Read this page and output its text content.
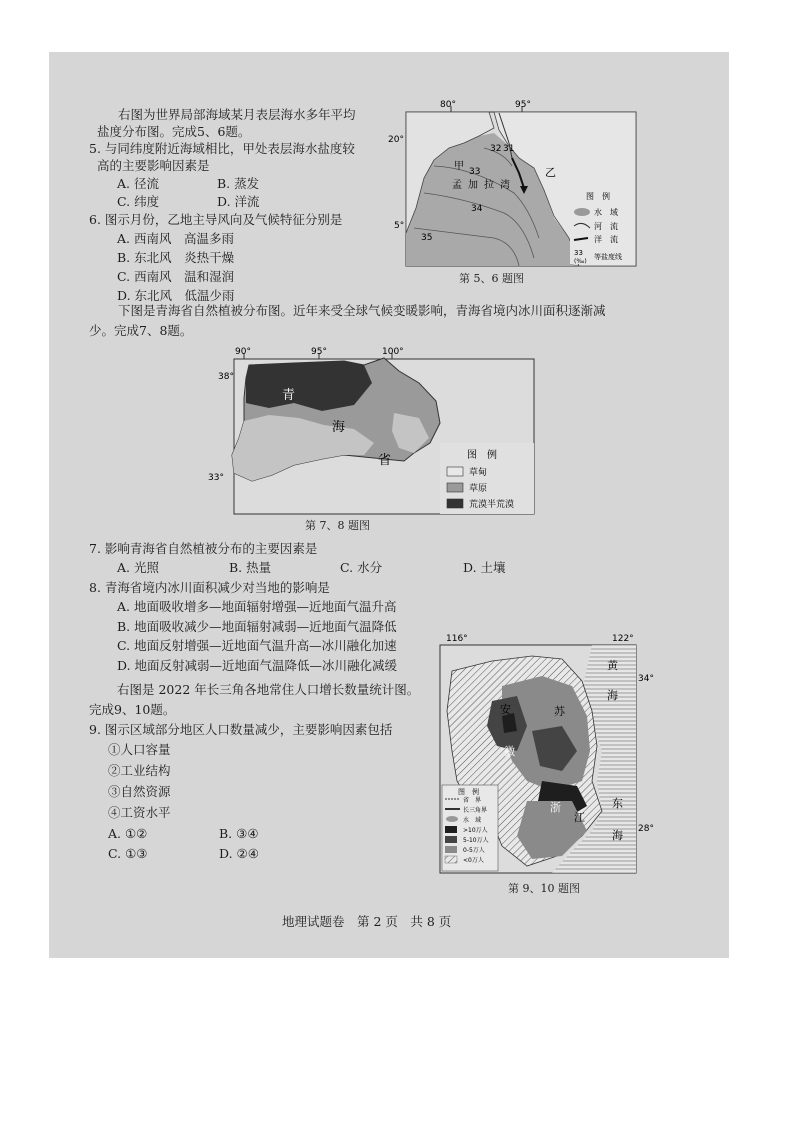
右图为世界局部海域某月表层海水多年平均
盐度分布图。完成5、6题。
5. 与同纬度附近海域相比，甲处表层海水盐度较
高的主要影响因素是
A. 径流	B. 蒸发
C. 纬度	D. 洋流
6. 图示月份，乙地主导风向及气候特征分别是
A. 西南风　高温多雨
B. 东北风　炎热干燥
C. 西南风　温和湿润
D. 东北风　低温少雨
80°	95°
20°
5°
33
32 31
34
35
甲
孟 加 拉 湾
乙
图　例
水　域
河　流
洋　流
33
(‰)
等盐度线
第 5、6 题图
下图是青海省自然植被分布图。近年来受全球气候变暖影响，青海省境内冰川面积逐渐减
少。完成7、8题。
90°	95°	100°
38°
33°
青
海
省	图　例
草甸
草原
荒漠半荒漠
第 7、8 题图
7. 影响青海省自然植被分布的主要因素是
A. 光照	B. 热量	C. 水分	D. 土壤
8. 青海省境内冰川面积减少对当地的影响是
A. 地面吸收增多—地面辐射增强—近地面气温升高
B. 地面吸收减少—地面辐射减弱—近地面气温降低
C. 地面反射增强—近地面气温升高—冰川融化加速
D. 地面反射减弱—近地面气温降低—冰川融化减缓
右图是 2022 年长三角各地常住人口增长数量统计图。
完成9、10题。
9. 图示区域部分地区人口数量减少，主要影响因素包括
①人口容量
②工业结构
③自然资源
④工资水平
A. ①②	B. ③④
C. ①③	D. ②④
116°	122°
34°
28°
安
徽
苏
黄
海
东
海
浙
江
图　例
省　界
长三角界
水　域
>10万人
5-10万人
0-5万人
<0万人
第 9、10 题图
地理试题卷　第 2 页　共 8 页
